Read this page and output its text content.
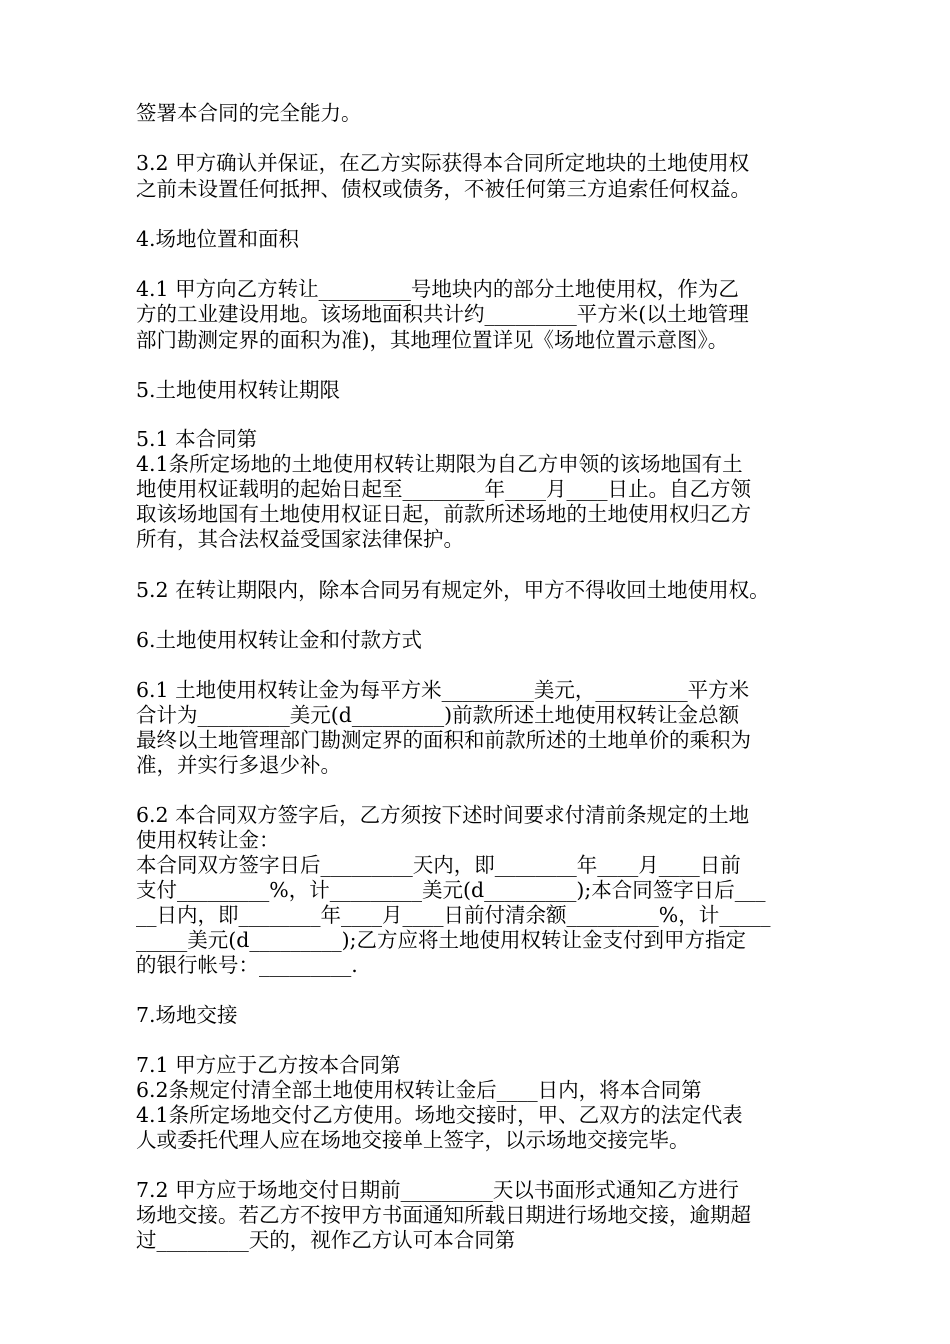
签署本合同的完全能力。
3.2 甲方确认并保证，在乙方实际获得本合同所定地块的土地使用权
之前未设置任何抵押、债权或债务，不被任何第三方追索任何权益。
4.场地位置和面积
4.1 甲方向乙方转让_________号地块内的部分土地使用权，作为乙
方的工业建设用地。该场地面积共计约_________平方米(以土地管理
部门勘测定界的面积为准)，其地理位置详见《场地位置示意图》。
5.土地使用权转让期限
5.1 本合同第
4.1条所定场地的土地使用权转让期限为自乙方申领的该场地国有土
地使用权证载明的起始日起至________年____月____日止。自乙方领
取该场地国有土地使用权证日起，前款所述场地的土地使用权归乙方
所有，其合法权益受国家法律保护。
5.2 在转让期限内，除本合同另有规定外，甲方不得收回土地使用权。
6.土地使用权转让金和付款方式
6.1 土地使用权转让金为每平方米_________美元，_________平方米
合计为_________美元(d_________)前款所述土地使用权转让金总额
最终以土地管理部门勘测定界的面积和前款所述的土地单价的乘积为
准，并实行多退少补。
6.2 本合同双方签字后，乙方须按下述时间要求付清前条规定的土地
使用权转让金：
本合同双方签字日后_________天内，即________年____月____日前
支付_________%，计_________美元(d_________);本合同签字日后___
__日内，即________年____月____日前付清余额_________%，计_____
_____美元(d_________);乙方应将土地使用权转让金支付到甲方指定
的银行帐号：_________.
7.场地交接
7.1 甲方应于乙方按本合同第
6.2条规定付清全部土地使用权转让金后____日内，将本合同第
4.1条所定场地交付乙方使用。场地交接时，甲、乙双方的法定代表
人或委托代理人应在场地交接单上签字，以示场地交接完毕。
7.2 甲方应于场地交付日期前_________天以书面形式通知乙方进行
场地交接。若乙方不按甲方书面通知所载日期进行场地交接，逾期超
过_________天的，视作乙方认可本合同第
